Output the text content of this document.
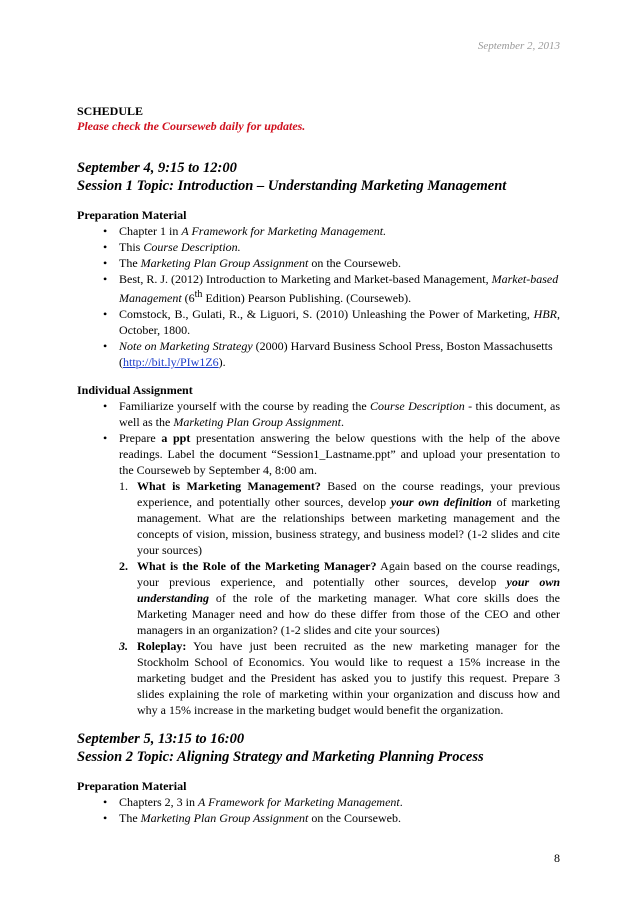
September 2, 2013
SCHEDULE
Please check the Courseweb daily for updates.
September 4, 9:15 to 12:00
Session 1 Topic: Introduction – Understanding Marketing Management
Preparation Material
• Chapter 1 in A Framework for Marketing Management.
• This Course Description.
• The Marketing Plan Group Assignment on the Courseweb.
• Best, R. J. (2012) Introduction to Marketing and Market-based Management, Market-based Management (6th Edition) Pearson Publishing. (Courseweb).
• Comstock, B., Gulati, R., & Liguori, S. (2010) Unleashing the Power of Marketing, HBR, October, 1800.
• Note on Marketing Strategy (2000) Harvard Business School Press, Boston Massachusetts (http://bit.ly/PIw1Z6).
Individual Assignment
• Familiarize yourself with the course by reading the Course Description - this document, as well as the Marketing Plan Group Assignment.
• Prepare a ppt presentation answering the below questions with the help of the above readings. Label the document “Session1_Lastname.ppt” and upload your presentation to the Courseweb by September 4, 8:00 am.
1. What is Marketing Management? Based on the course readings, your previous experience, and potentially other sources, develop your own definition of marketing management. What are the relationships between marketing management and the concepts of vision, mission, business strategy, and business model? (1-2 slides and cite your sources)
2. What is the Role of the Marketing Manager? Again based on the course readings, your previous experience, and potentially other sources, develop your own understanding of the role of the marketing manager. What core skills does the Marketing Manager need and how do these differ from those of the CEO and other managers in an organization? (1-2 slides and cite your sources)
3. Roleplay: You have just been recruited as the new marketing manager for the Stockholm School of Economics. You would like to request a 15% increase in the marketing budget and the President has asked you to justify this request. Prepare 3 slides explaining the role of marketing within your organization and discuss how and why a 15% increase in the marketing budget would benefit the organization.
September 5, 13:15 to 16:00
Session 2 Topic: Aligning Strategy and Marketing Planning Process
Preparation Material
• Chapters 2, 3 in A Framework for Marketing Management.
• The Marketing Plan Group Assignment on the Courseweb.
8
